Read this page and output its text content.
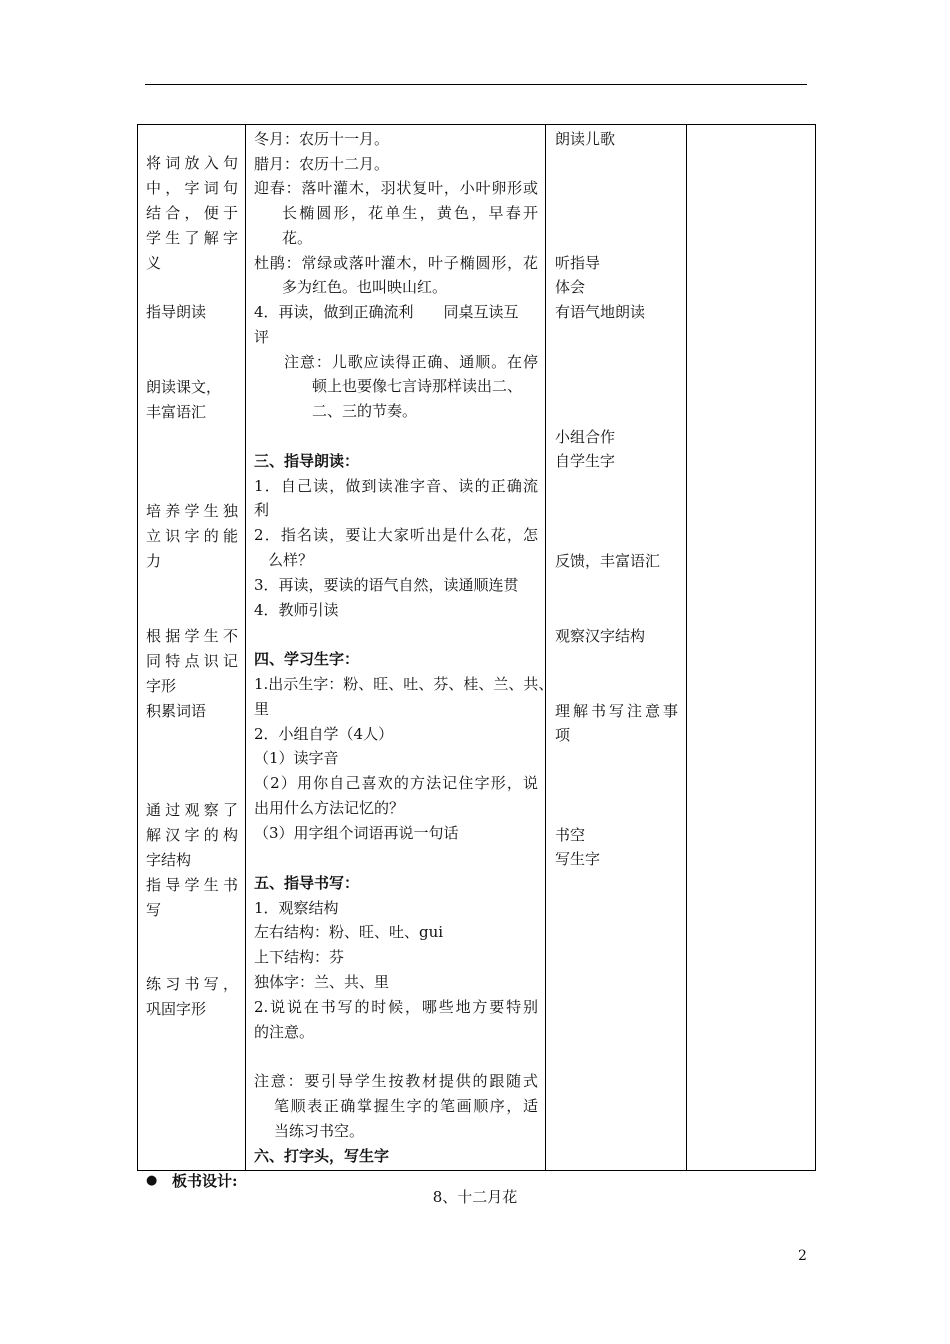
将词放入句
中，字词句
结合，便于
学生了解字
义
指导朗读
朗读课文，
丰富语汇
培养学生独
立识字的能
力
根据学生不
同特点识记
字形
积累词语
通过观察了
解汉字的构
字结构
指导学生书
写
练习书写，
巩固字形
冬月：农历十一月。
腊月：农历十二月。
迎春：落叶灌木，羽状复叶，小叶卵形或
长椭圆形，花单生，黄色，早春开
花。
杜鹃：常绿或落叶灌木，叶子椭圆形，花
多为红色。也叫映山红。
4．再读，做到正确流利　　同桌互读互
评
注意：儿歌应读得正确、通顺。在停
顿上也要像七言诗那样读出二、
二、三的节奏。
三、指导朗读：
1．自己读，做到读准字音、读的正确流
利
2．指名读，要让大家听出是什么花，怎
么样？
3．再读，要读的语气自然，读通顺连贯
4．教师引读
四、学习生字：
1.出示生字：粉、旺、吐、芬、桂、兰、共、
里
2．小组自学（4人）
（1）读字音
（2）用你自己喜欢的方法记住字形，说
出用什么方法记忆的？
（3）用字组个词语再说一句话
五、指导书写：
1．观察结构
左右结构：粉、旺、吐、gui
上下结构：芬
独体字：兰、共、里
2.说说在书写的时候，哪些地方要特别
的注意。
注意：要引导学生按教材提供的跟随式
笔顺表正确掌握生字的笔画顺序，适
当练习书空。
六、打字头，写生字
朗读儿歌
听指导
体会
有语气地朗读
小组合作
自学生字
反馈，丰富语汇
观察汉字结构
理解书写注意事
项
书空
写生字
● 板书设计:
8、十二月花
2
